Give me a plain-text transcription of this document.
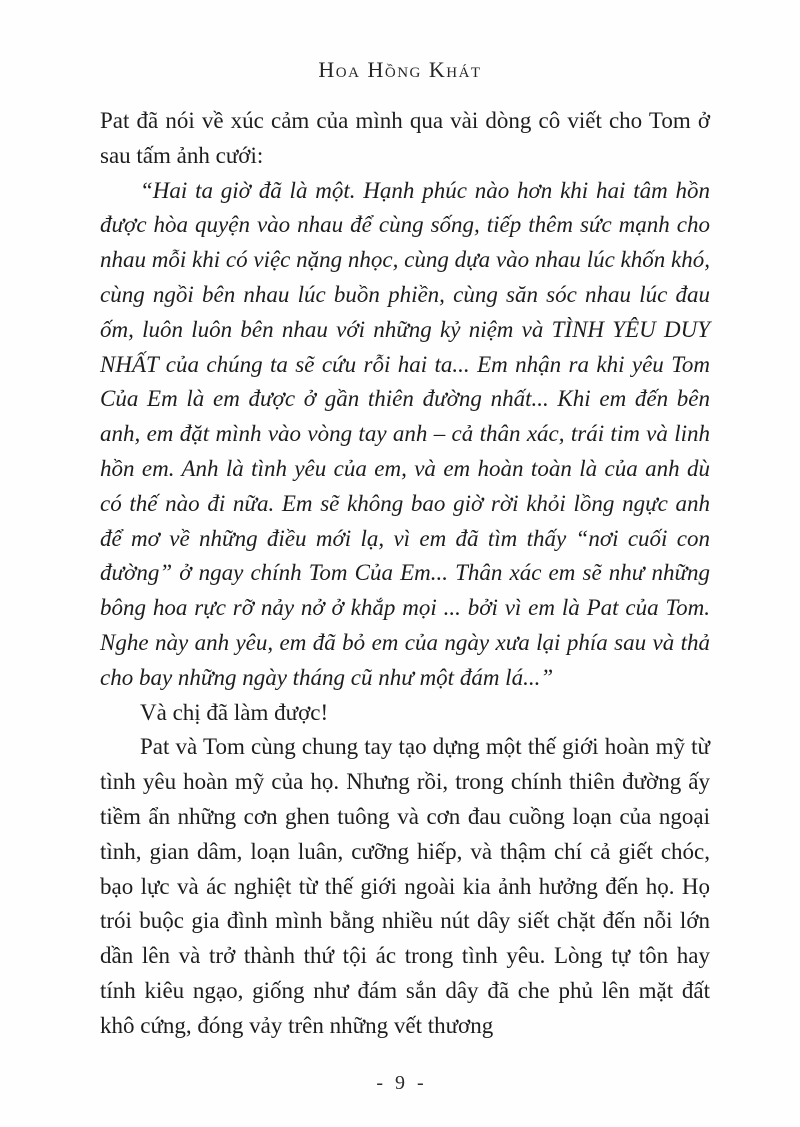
Hoa Hồng Khát

Pat đã nói về xúc cảm của mình qua vài dòng cô viết cho Tom ở sau tấm ảnh cưới:

“Hai ta giờ đã là một. Hạnh phúc nào hơn khi hai tâm hồn được hòa quyện vào nhau để cùng sống, tiếp thêm sức mạnh cho nhau mỗi khi có việc nặng nhọc, cùng dựa vào nhau lúc khốn khó, cùng ngồi bên nhau lúc buồn phiền, cùng săn sóc nhau lúc đau ốm, luôn luôn bên nhau với những kỷ niệm và TÌNH YÊU DUY NHẤT của chúng ta sẽ cứu rỗi hai ta... Em nhận ra khi yêu Tom Của Em là em được ở gần thiên đường nhất... Khi em đến bên anh, em đặt mình vào vòng tay anh – cả thân xác, trái tim và linh hồn em. Anh là tình yêu của em, và em hoàn toàn là của anh dù có thế nào đi nữa. Em sẽ không bao giờ rời khỏi lồng ngực anh để mơ về những điều mới lạ, vì em đã tìm thấy “nơi cuối con đường” ở ngay chính Tom Của Em... Thân xác em sẽ như những bông hoa rực rỡ nảy nở ở khắp mọi ... bởi vì em là Pat của Tom. Nghe này anh yêu, em đã bỏ em của ngày xưa lại phía sau và thả cho bay những ngày tháng cũ như một đám lá...”

Và chị đã làm được!

Pat và Tom cùng chung tay tạo dựng một thế giới hoàn mỹ từ tình yêu hoàn mỹ của họ. Nhưng rồi, trong chính thiên đường ấy tiềm ẩn những cơn ghen tuông và cơn đau cuồng loạn của ngoại tình, gian dâm, loạn luân, cưỡng hiếp, và thậm chí cả giết chóc, bạo lực và ác nghiệt từ thế giới ngoài kia ảnh hưởng đến họ. Họ trói buộc gia đình mình bằng nhiều nút dây siết chặt đến nỗi lớn dần lên và trở thành thứ tội ác trong tình yêu. Lòng tự tôn hay tính kiêu ngạo, giống như đám sắn dây đã che phủ lên mặt đất khô cứng, đóng vảy trên những vết thương

- 9 -
